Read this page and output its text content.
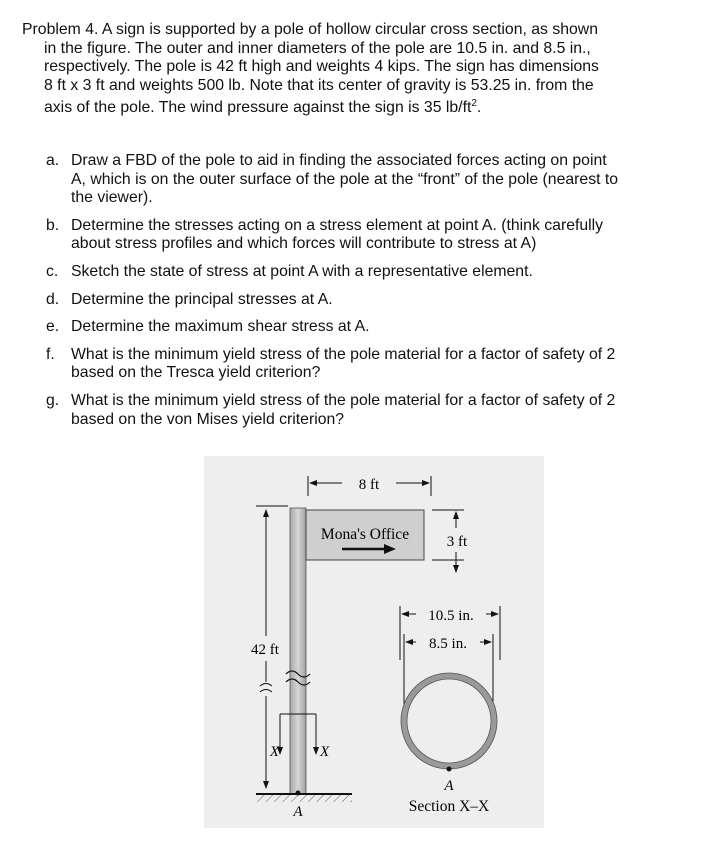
Problem 4. A sign is supported by a pole of hollow circular cross section, as shown
in the figure. The outer and inner diameters of the pole are 10.5 in. and 8.5 in.,
respectively. The pole is 42 ft high and weights 4 kips. The sign has dimensions
8 ft x 3 ft and weights 500 lb. Note that its center of gravity is 53.25 in. from the
axis of the pole. The wind pressure against the sign is 35 $lb/ft^2$.
a. Draw a FBD of the pole to aid in finding the associated forces acting on point
A, which is on the outer surface of the pole at the “front” of the pole (nearest to
the viewer).
b. Determine the stresses acting on a stress element at point A. (think carefully
about stress profiles and which forces will contribute to stress at A)
c. Sketch the state of stress at point A with a representative element.
d. Determine the principal stresses at A.
e. Determine the maximum shear stress at A.
f. What is the minimum yield stress of the pole material for a factor of safety of 2
based on the Tresca yield criterion?
g. What is the minimum yield stress of the pole material for a factor of safety of 2
based on the von Mises yield criterion?
8 ft
Mona's Office	3 ft
42 ft
X	X
A
10.5 in.
8.5 in.
A
Section X–X
